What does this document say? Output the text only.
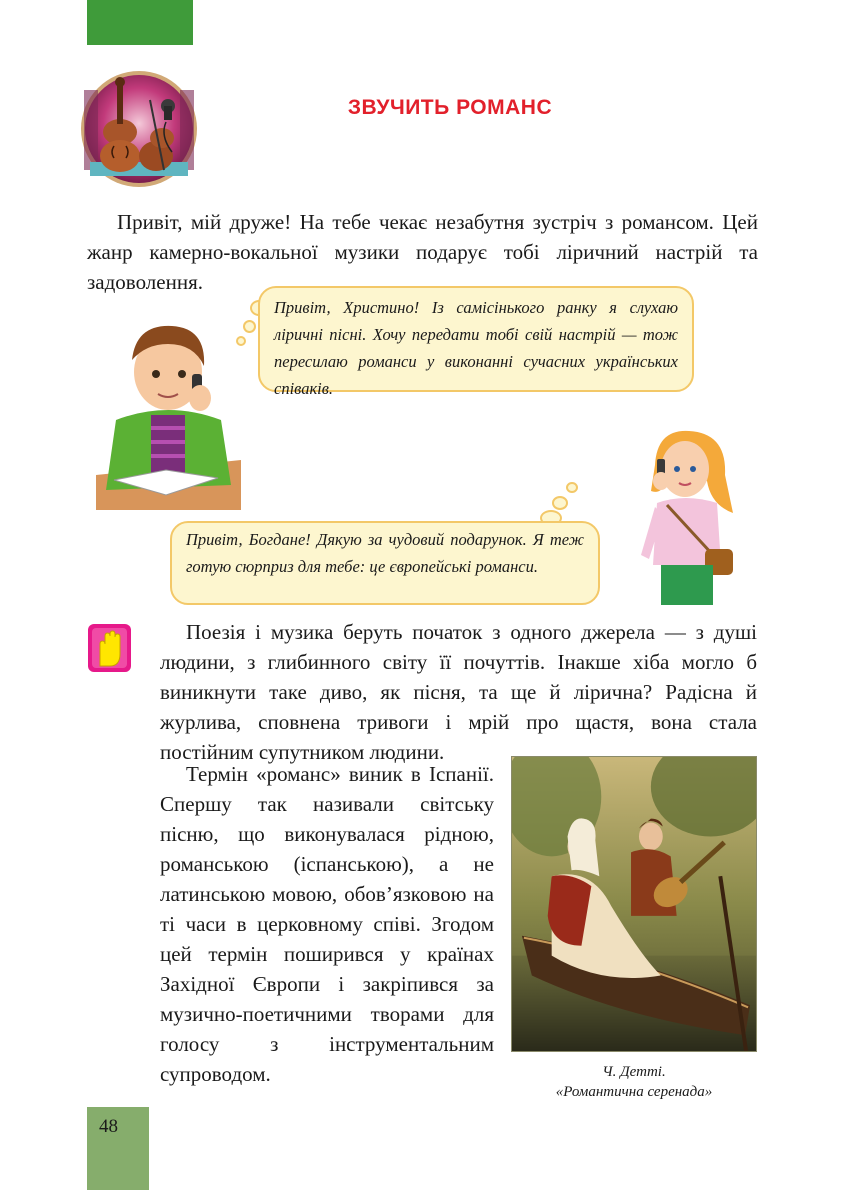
ЗВУЧИТЬ РОМАНС

Привіт, мій друже! На тебе чекає незабутня зустріч з романсом. Цей жанр камерно-вокальної музики подарує тобі ліричний настрій та задоволення.

Привіт, Христино! Із самісінького ранку я слухаю ліричні пісні. Хочу передати тобі свій настрій — тож пересилаю романси у виконанні сучасних українських співаків.
Привіт, Богдане! Дякую за чудовий подарунок. Я теж готую сюрприз для тебе: це європейські романси.

Поезія і музика беруть початок з одного джерела — з душі людини, з глибинного світу її почуттів. Інакше хіба могло б виникнути таке диво, як пісня, та ще й лірична? Радісна й журлива, сповнена тривоги і мрій про щастя, вона стала постійним супутником людини.

Термін «романс» виник в Іспанії. Спершу так називали світську пісню, що виконувалася рідною, романською (іспанською), а не латинською мовою, обов’язковою на ті часи в церковному співі. Згодом цей термін поширився у країнах Західної Європи і закріпився за музично-поетичними творами для голосу з інструментальним супроводом.	Ч. Детті.
«Романтична серенада»
48
